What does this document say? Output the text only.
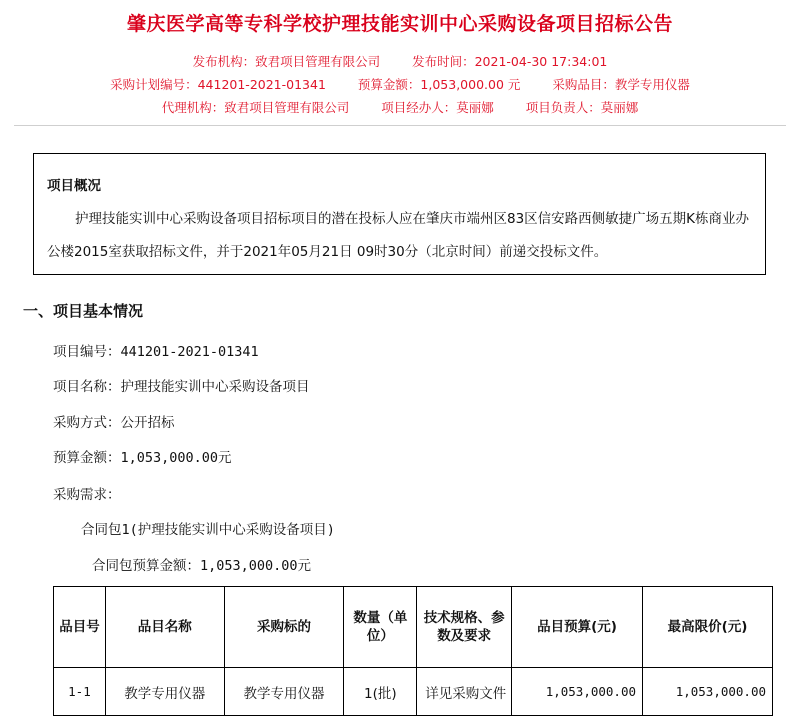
肇庆医学高等专科学校护理技能实训中心采购设备项目招标公告
发布机构：致君项目管理有限公司	发布时间：2021-04-30 17:34:01
采购计划编号：441201-2021-01341	预算金额：1,053,000.00 元	采购品目：教学专用仪器
代理机构：致君项目管理有限公司	项目经办人：莫丽娜	项目负责人：莫丽娜
项目概况
护理技能实训中心采购设备项目招标项目的潜在投标人应在肇庆市端州区83区信安路西侧敏捷广场五期K栋商业办公楼2015室获取招标文件，并于2021年05月21日 09时30分（北京时间）前递交投标文件。
一、项目基本情况
项目编号：441201-2021-01341
项目名称：护理技能实训中心采购设备项目
采购方式：公开招标
预算金额：1,053,000.00元
采购需求：
合同包1(护理技能实训中心采购设备项目)
合同包预算金额：1,053,000.00元
品目号	品目名称	采购标的	数量（单位）	技术规格、参数及要求	品目预算(元)	最高限价(元)
1-1	教学专用仪器	教学专用仪器	1(批)	详见采购文件	1,053,000.00	1,053,000.00
